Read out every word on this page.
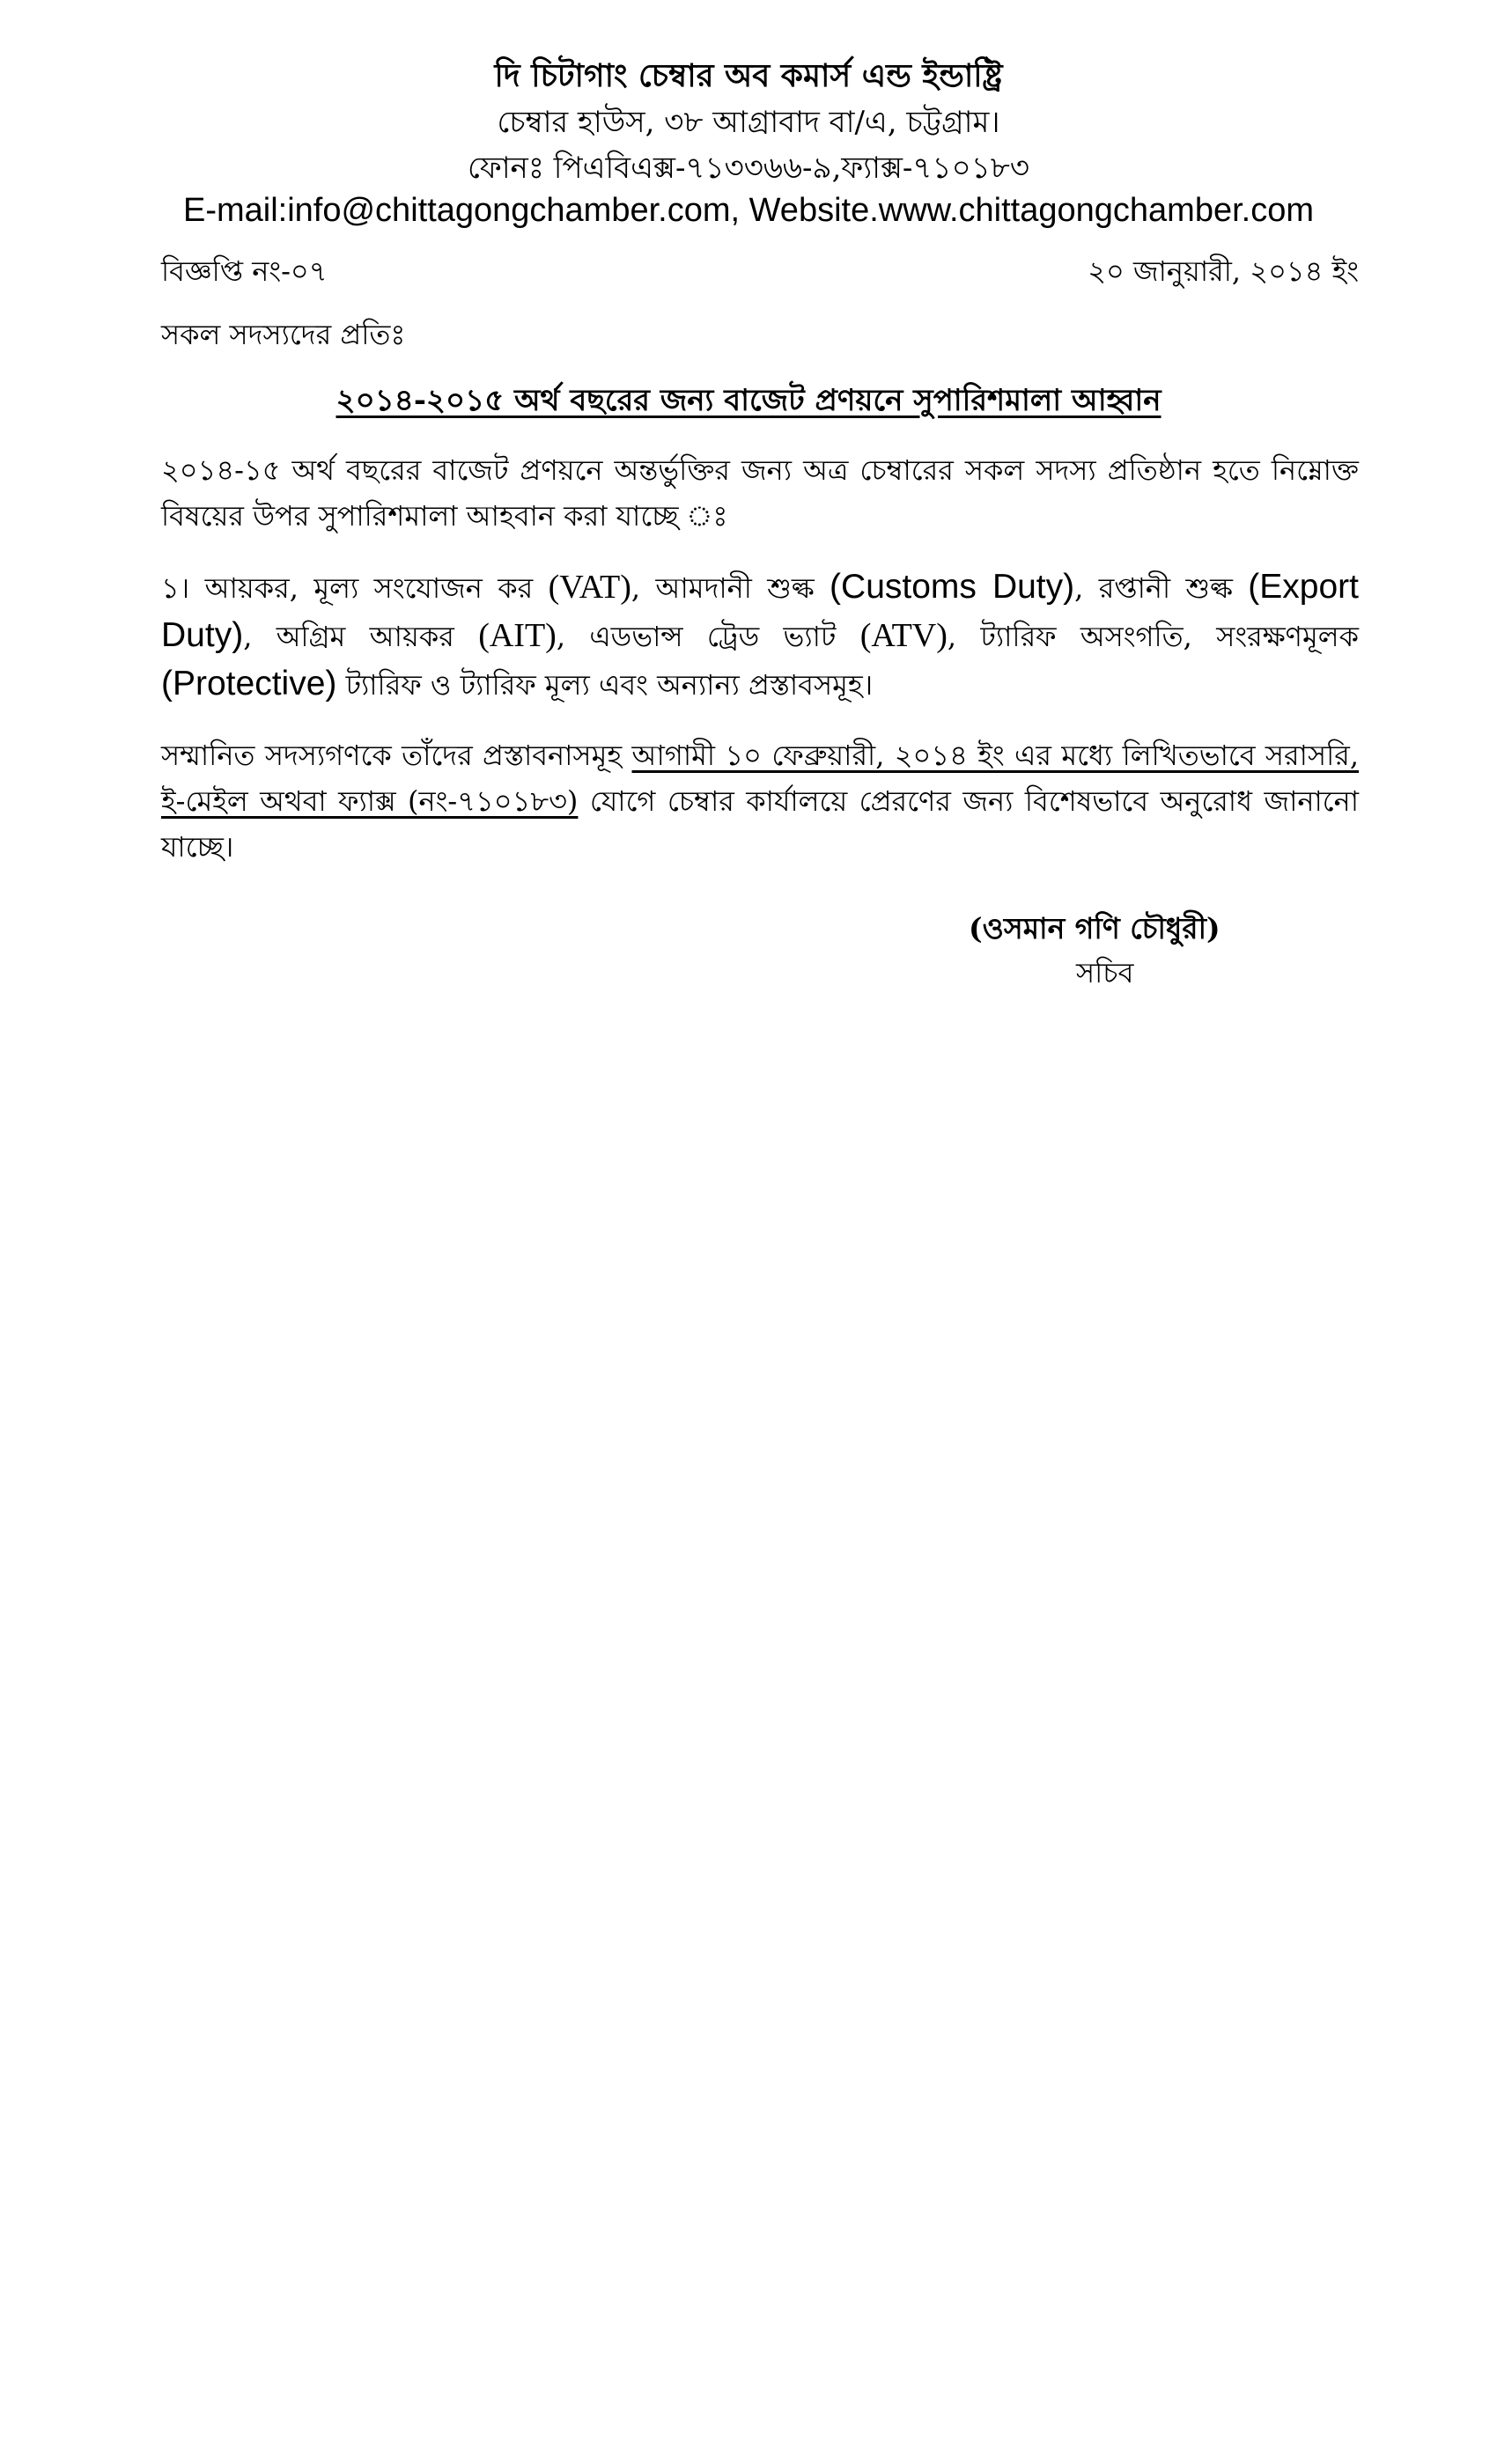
দি চিটাগাং চেম্বার অব কমার্স এন্ড ইন্ডাষ্ট্রি
চেম্বার হাউস, ৩৮ আগ্রাবাদ বা/এ, চট্টগ্রাম।
ফোনঃ পিএবিএক্স-৭১৩৩৬৬-৯,ফ্যাক্স-৭১০১৮৩
E-mail:info@chittagongchamber.com, Website.www.chittagongchamber.com
বিজ্ঞপ্তি নং-০৭	২০ জানুয়ারী, ২০১৪ ইং
সকল সদস্যদের প্রতিঃ
২০১৪-২০১৫ অর্থ বছরের জন্য বাজেট প্রণয়নে সুপারিশমালা আহ্বান
২০১৪-১৫ অর্থ বছরের বাজেট প্রণয়নে অন্তর্ভুক্তির জন্য অত্র চেম্বারের সকল সদস্য প্রতিষ্ঠান হতে নিম্নোক্ত বিষয়ের উপর সুপারিশমালা আহবান করা যাচ্ছে ঃ
১। আয়কর, মূল্য সংযোজন কর (VAT), আমদানী শুল্ক (Customs Duty), রপ্তানী শুল্ক (Export Duty), অগ্রিম আয়কর (AIT), এডভান্স ট্রেড ভ্যাট (ATV), ট্যারিফ অসংগতি, সংরক্ষণমূলক (Protective) ট্যারিফ ও ট্যারিফ মূল্য এবং অন্যান্য প্রস্তাবসমূহ।
সম্মানিত সদস্যগণকে তাঁদের প্রস্তাবনাসমূহ আগামী ১০ ফেব্রুয়ারী, ২০১৪ ইং এর মধ্যে লিখিতভাবে সরাসরি, ই-মেইল অথবা ফ্যাক্স (নং-৭১০১৮৩) যোগে চেম্বার কার্যালয়ে প্রেরণের জন্য বিশেষভাবে অনুরোধ জানানো যাচ্ছে।
(ওসমান গণি চৌধুরী)
সচিব
